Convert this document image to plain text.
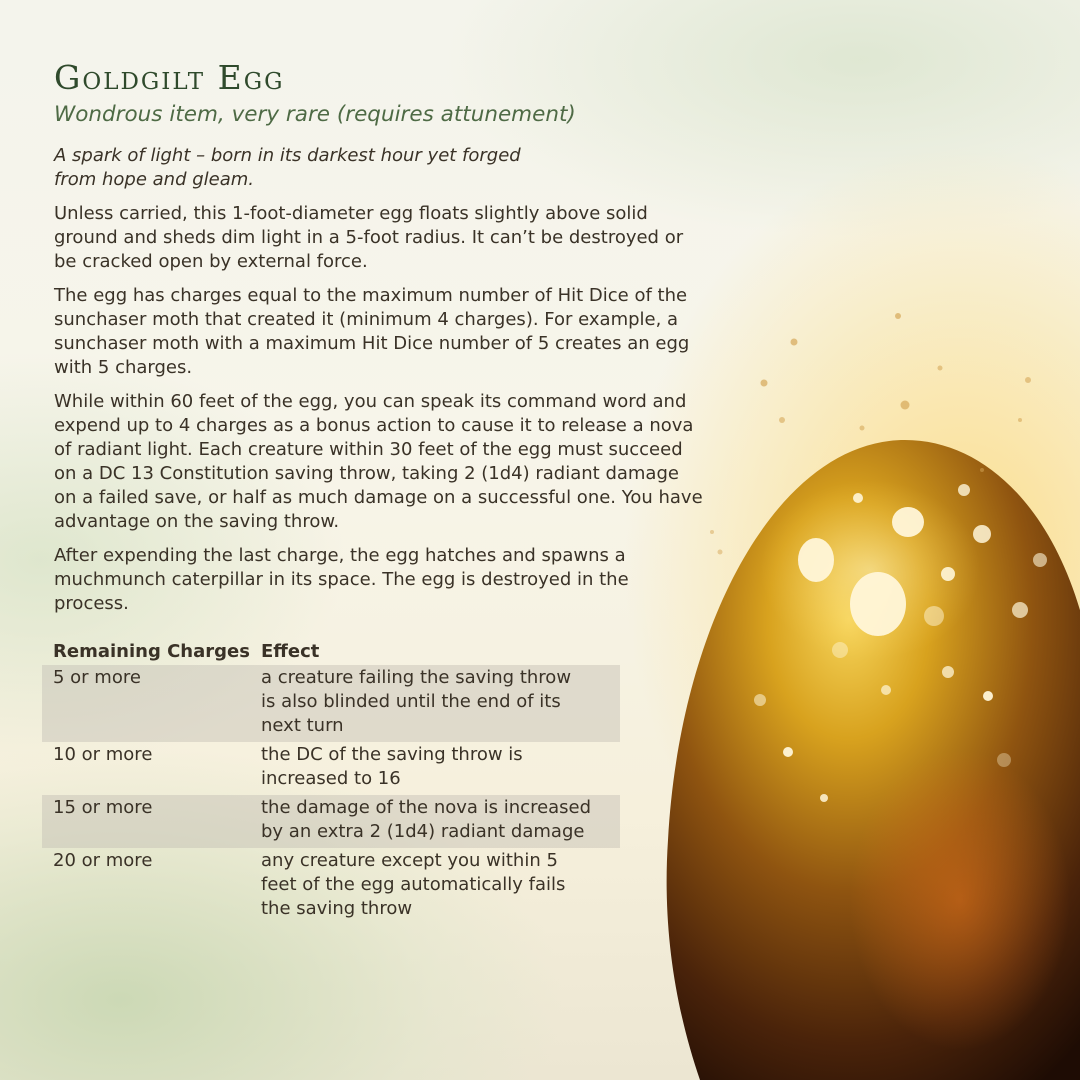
Goldgilt Egg

Wondrous item, very rare (requires attunement)

A spark of light – born in its darkest hour yet forged from hope and gleam.

Unless carried, this 1-foot-diameter egg floats slightly above solid ground and sheds dim light in a 5-foot radius. It can’t be destroyed or be cracked open by external force.

The egg has charges equal to the maximum number of Hit Dice of the sunchaser moth that created it (minimum 4 charges). For example, a sunchaser moth with a maximum Hit Dice number of 5 creates an egg with 5 charges.

While within 60 feet of the egg, you can speak its command word and expend up to 4 charges as a bonus action to cause it to release a nova of radiant light. Each creature within 30 feet of the egg must succeed on a DC 13 Constitution saving throw, taking 2 (1d4) radiant damage on a failed save, or half as much damage on a successful one. You have advantage on the saving throw.

After expending the last charge, the egg hatches and spawns a muchmunch caterpillar in its space. The egg is destroyed in the process.

Remaining Charges Effect
5 or more	a creature failing the saving throw is also blinded until the end of its next turn
10 or more	the DC of the saving throw is increased to 16
15 or more	the damage of the nova is increased by an extra 2 (1d4) radiant damage
20 or more	any creature except you within 5 feet of the egg automatically fails the saving throw
